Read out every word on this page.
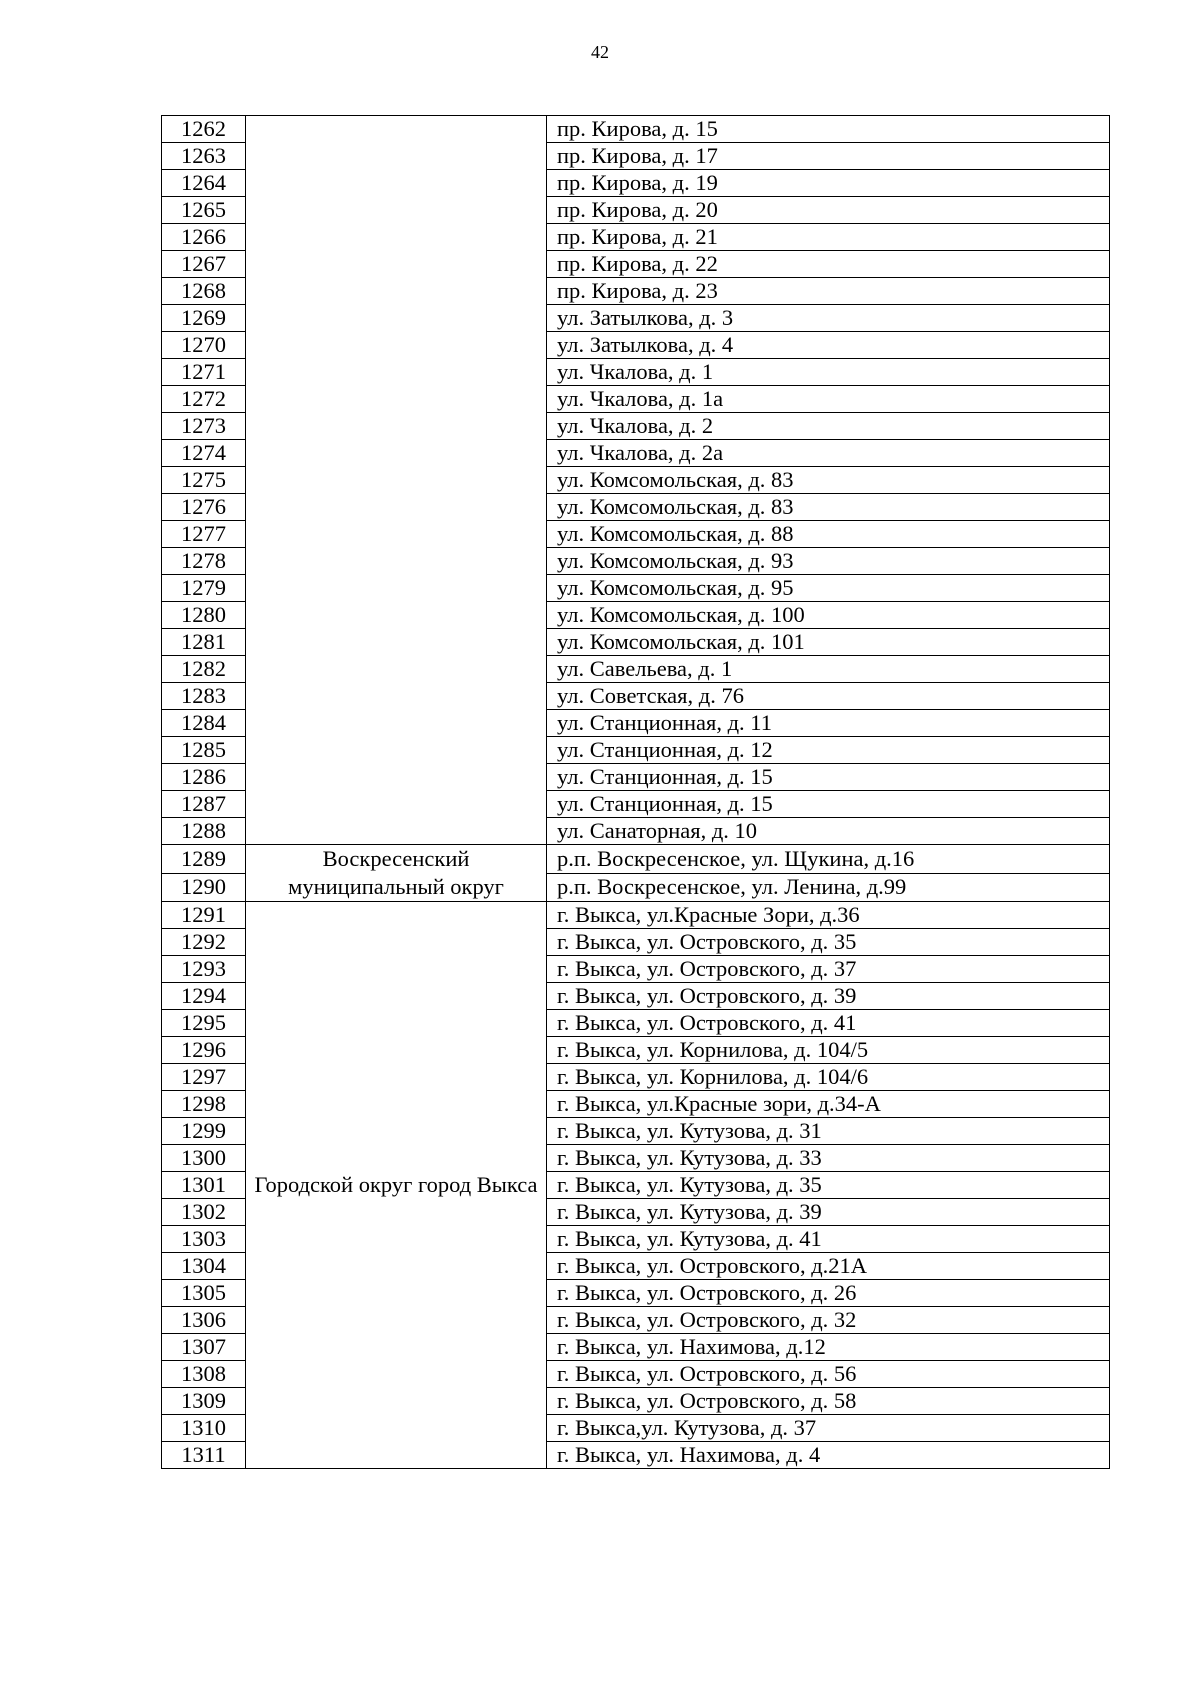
42
1262		пр. Кирова, д. 15
1263		пр. Кирова, д. 17
1264		пр. Кирова, д. 19
1265		пр. Кирова, д. 20
1266		пр. Кирова, д. 21
1267		пр. Кирова, д. 22
1268		пр. Кирова, д. 23
1269		ул. Затылкова, д. 3
1270		ул. Затылкова, д. 4
1271		ул. Чкалова, д. 1
1272		ул. Чкалова, д. 1а
1273		ул. Чкалова, д. 2
1274		ул. Чкалова, д. 2а
1275		ул. Комсомольская, д. 83
1276		ул. Комсомольская, д. 83
1277		ул. Комсомольская, д. 88
1278		ул. Комсомольская, д. 93
1279		ул. Комсомольская, д. 95
1280		ул. Комсомольская, д. 100
1281		ул. Комсомольская, д. 101
1282		ул. Савельева, д. 1
1283		ул. Советская, д. 76
1284		ул. Станционная, д. 11
1285		ул. Станционная, д. 12
1286		ул. Станционная, д. 15
1287		ул. Станционная, д. 15
1288		ул. Санаторная, д. 10
1289	Воскресенский муниципальный округ	р.п. Воскресенское, ул. Щукина, д.16
1290		р.п. Воскресенское, ул. Ленина, д.99
1291	Городской округ город Выкса	г. Выкса, ул.Красные Зори, д.36
1292		г. Выкса, ул. Островского, д. 35
1293		г. Выкса, ул. Островского, д. 37
1294		г. Выкса, ул. Островского, д. 39
1295		г. Выкса, ул. Островского, д. 41
1296		г. Выкса, ул. Корнилова, д. 104/5
1297		г. Выкса, ул. Корнилова, д. 104/6
1298		г. Выкса, ул.Красные зори, д.34-А
1299		г. Выкса, ул. Кутузова, д. 31
1300		г. Выкса, ул. Кутузова, д. 33
1301		г. Выкса, ул. Кутузова, д. 35
1302		г. Выкса, ул. Кутузова, д. 39
1303		г. Выкса, ул. Кутузова, д. 41
1304		г. Выкса, ул. Островского, д.21А
1305		г. Выкса, ул. Островского, д. 26
1306		г. Выкса, ул. Островского, д. 32
1307		г. Выкса, ул. Нахимова, д.12
1308		г. Выкса, ул. Островского, д. 56
1309		г. Выкса, ул. Островского, д. 58
1310		г. Выкса,ул. Кутузова, д. 37
1311		г. Выкса, ул. Нахимова, д. 4
